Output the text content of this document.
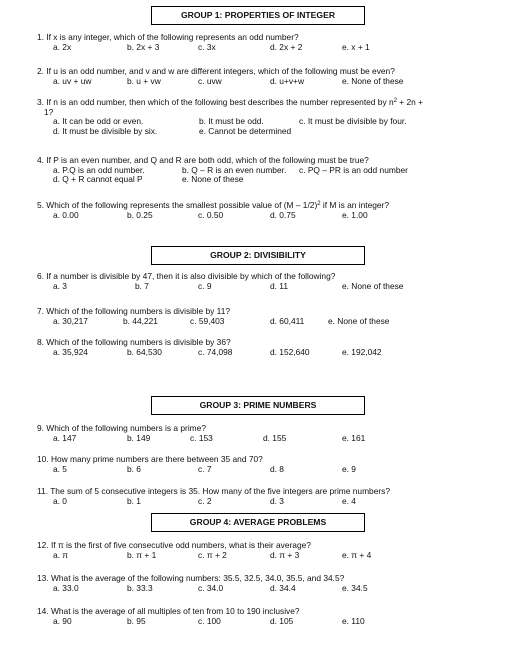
GROUP 1: PROPERTIES OF INTEGER
1. If x is any integer, which of the following represents an odd number?
a. 2x	b. 2x + 3	c. 3x	d. 2x + 2	e. x + 1
2. If u is an odd number, and v and w are different integers, which of the following must be even?
a. uv + uw	b. u + vw	c. uvw	d. u+v+w	e. None of these
3. If n is an odd number, then which of the following best describes the number represented by $n^2 + 2n$ +
1?
a. It can be odd or even.	b. It must be odd.	c. It must be divisible by four.
d. It must be divisible by six.	e. Cannot be determined
4. If P is an even number, and Q and R are both odd, which of the following must be true?
a. P.Q is an odd number.	b. Q – R is an even number. c. PQ – PR is an odd number
d. Q + R cannot equal P	e. None of these
5. Which of the following represents the smallest possible value of (M – 1/2)$^2$ if M is an integer?
a. 0.00	b. 0.25	c. 0.50	d. 0.75	e. 1.00
GROUP 2: DIVISIBILITY
6. If a number is divisible by 47, then it is also divisible by which of the following?
a. 3	b. 7	c. 9	d. 11	e. None of these
7. Which of the following numbers is divisible by 11?
a. 30,217	b. 44,221	c. 59,403	d. 60,411	e. None of these
8. Which of the following numbers is divisible by 36?
a. 35,924	b. 64,530	c. 74,098	d. 152,640	e. 192,042
GROUP 3: PRIME NUMBERS
9. Which of the following numbers is a prime?
a. 147	b. 149	c. 153	d. 155	e. 161
10. How many prime numbers are there between 35 and 70?
a. 5	b. 6	c. 7	d. 8	e. 9
11. The sum of 5 consecutive integers is 35. How many of the five integers are prime numbers?
a. 0	b. 1	c. 2	d. 3	e. 4
GROUP 4: AVERAGE PROBLEMS
12. If π is the first of five consecutive odd numbers, what is their average?
a. π	b. π + 1	c. π + 2	d. π + 3	e. π + 4
13. What is the average of the following numbers: 35.5, 32.5, 34.0, 35.5, and 34.5?
a. 33.0	b. 33.3	c. 34.0	d. 34.4	e. 34.5
14. What is the average of all multiples of ten from 10 to 190 inclusive?
a. 90	b. 95	c. 100	d. 105	e. 110
